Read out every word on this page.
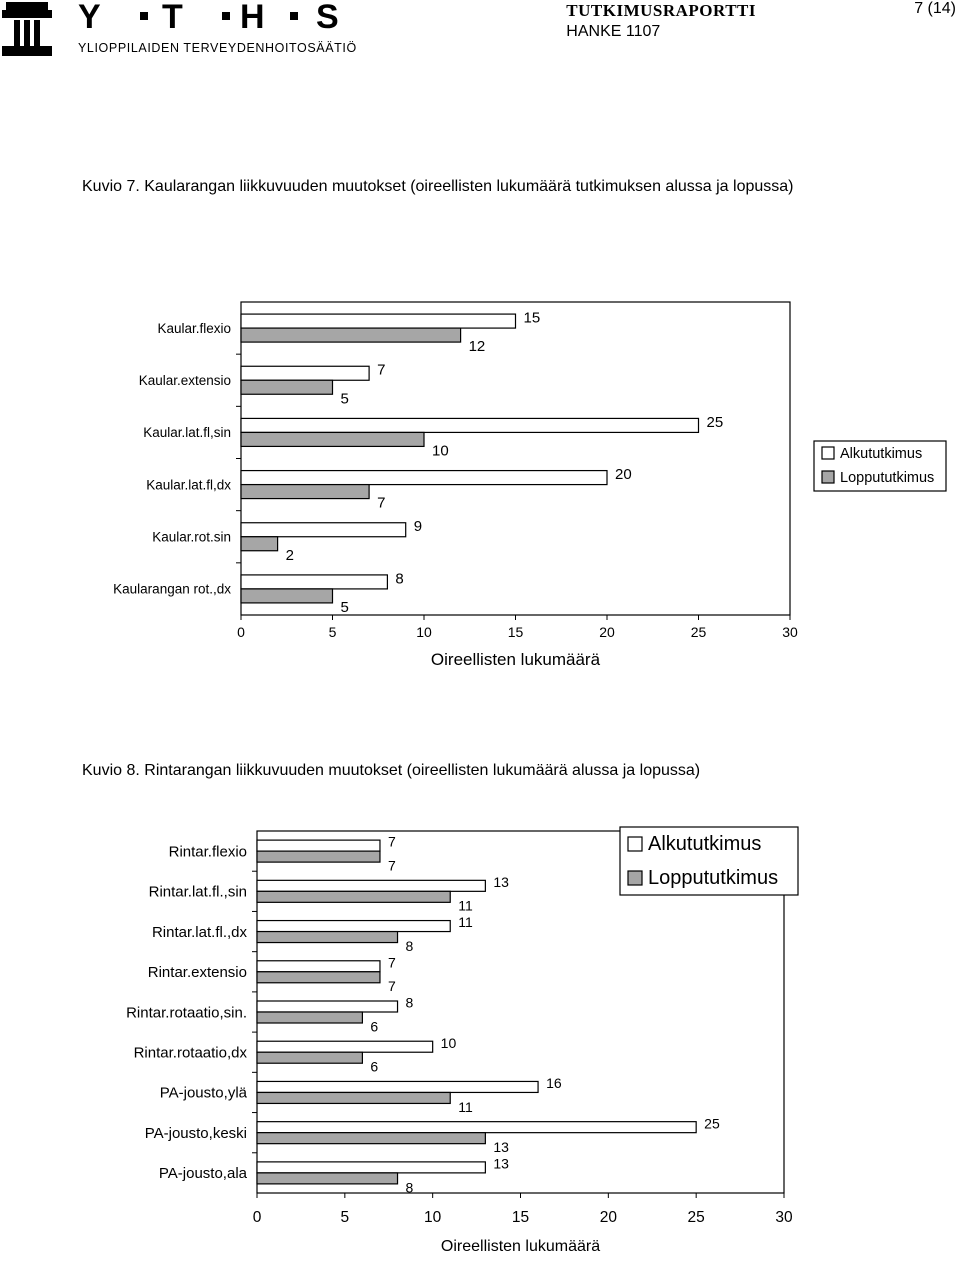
Y T H S
YLIOPPILAIDEN TERVEYDENHOITOSÄÄTIÖ
TUTKIMUSRAPORTTI
HANKE 1107
7 (14)
Kuvio 7. Kaularangan liikkuvuuden muutokset (oireellisten lukumäärä tutkimuksen alussa ja lopussa)
0	5	10	15	20	25	30
Oireellisten lukumäärä
Kaular.flexio
15
12
Kaular.extensio
7
5
Kaular.lat.fl,sin
25
10
Kaular.lat.fl,dx
20
7
Kaular.rot.sin
9
2
Kaularangan rot.,dx
8
5
Alkututkimus
Loppututkimus
Kuvio 8. Rintarangan liikkuvuuden muutokset (oireellisten lukumäärä alussa ja lopussa)
0	5	10	15	20	25	30
Oireellisten lukumäärä
Rintar.flexio
7
7
Rintar.lat.fl.,sin
13
11
Rintar.lat.fl.,dx
11
8
Rintar.extensio
7
7
Rintar.rotaatio,sin.
8
6
Rintar.rotaatio,dx
10
6
PA-jousto,ylä
16
11
PA-jousto,keski
25
13
PA-jousto,ala
13
8
Alkututkimus
Loppututkimus
